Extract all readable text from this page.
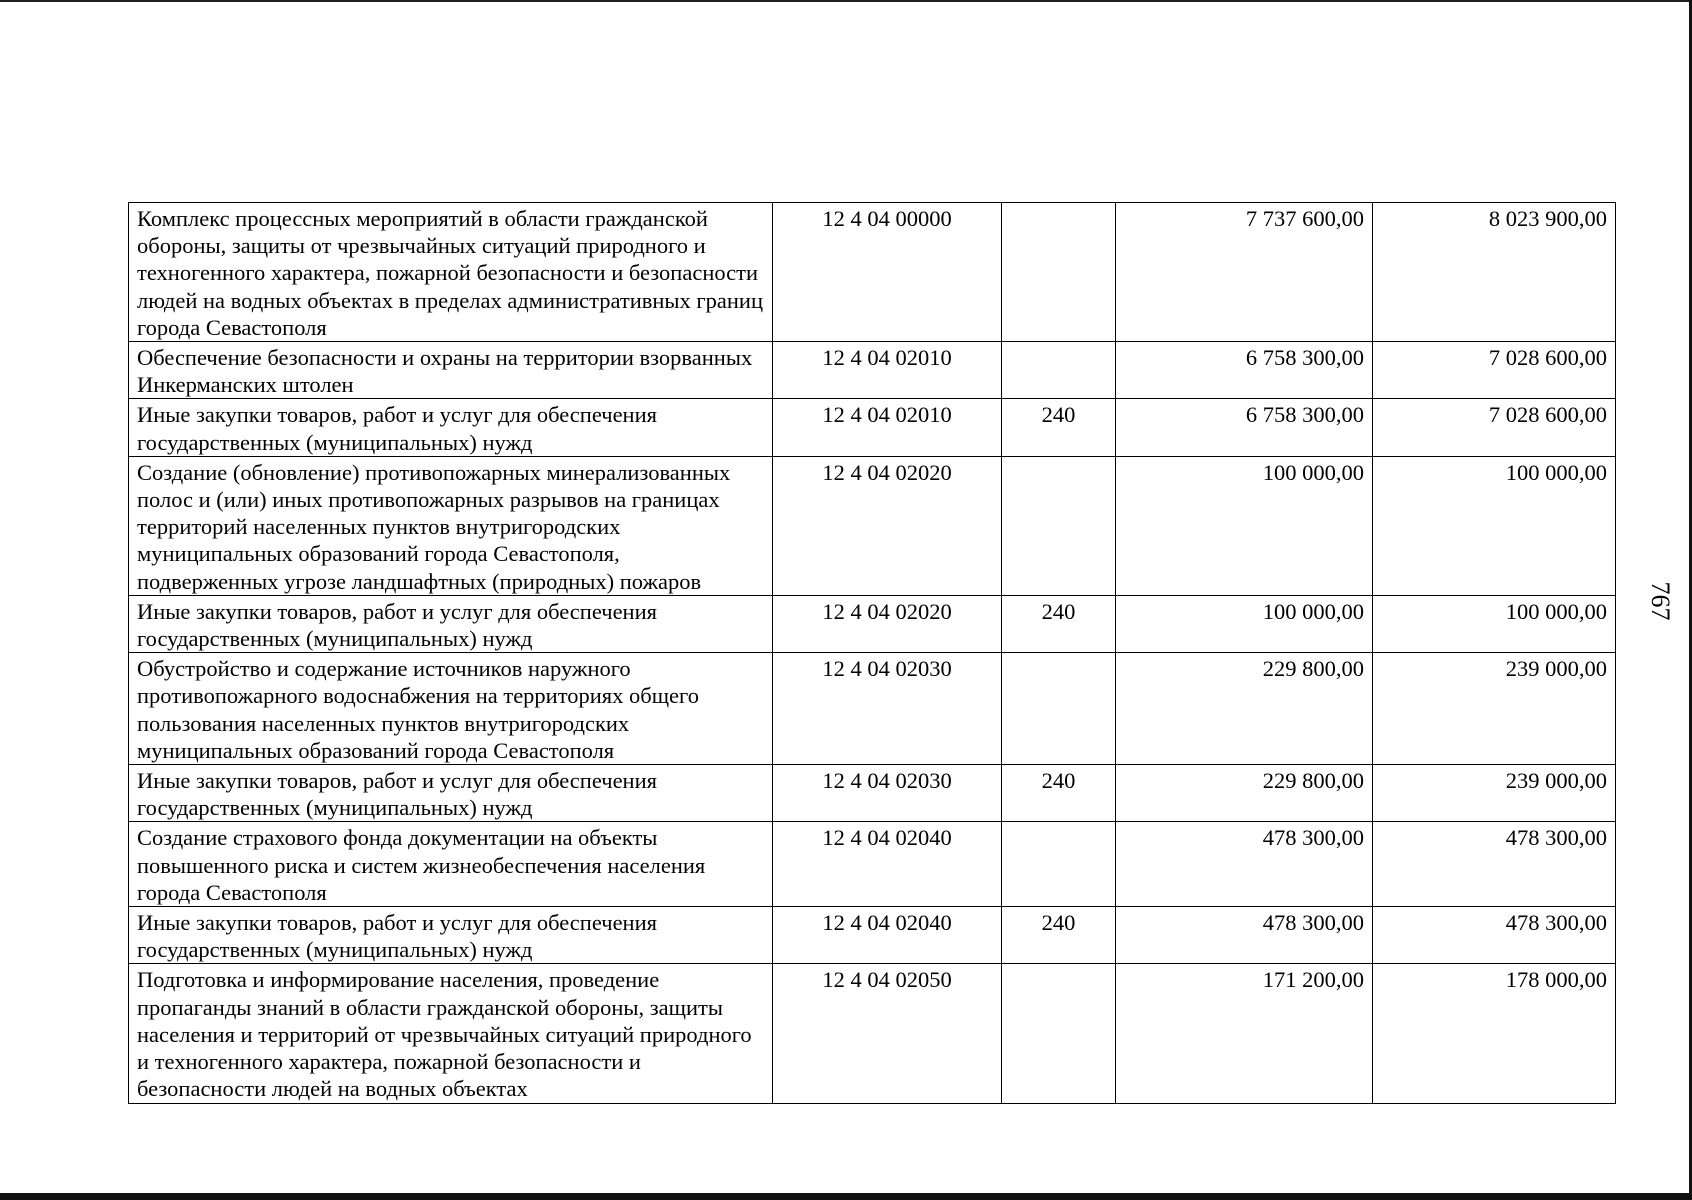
Комплекс процессных мероприятий в области гражданской обороны, защиты от чрезвычайных ситуаций природного и техногенного характера, пожарной безопасности и безопасности людей на водных объектах в пределах административных границ города Севастополя	12 4 04 00000		7 737 600,00	8 023 900,00
Обеспечение безопасности и охраны на территории взорванных Инкерманских штолен	12 4 04 02010		6 758 300,00	7 028 600,00
Иные закупки товаров, работ и услуг для обеспечения государственных (муниципальных) нужд	12 4 04 02010	240	6 758 300,00	7 028 600,00
Создание (обновление) противопожарных минерализованных полос и (или) иных противопожарных разрывов на границах территорий населенных пунктов внутригородских муниципальных образований города Севастополя, подверженных угрозе ландшафтных (природных) пожаров	12 4 04 02020		100 000,00	100 000,00
Иные закупки товаров, работ и услуг для обеспечения государственных (муниципальных) нужд	12 4 04 02020	240	100 000,00	100 000,00
Обустройство и содержание источников наружного противопожарного водоснабжения на территориях общего пользования населенных пунктов внутригородских муниципальных образований города Севастополя	12 4 04 02030		229 800,00	239 000,00
Иные закупки товаров, работ и услуг для обеспечения государственных (муниципальных) нужд	12 4 04 02030	240	229 800,00	239 000,00
Создание страхового фонда документации на объекты повышенного риска и систем жизнеобеспечения населения города Севастополя	12 4 04 02040		478 300,00	478 300,00
Иные закупки товаров, работ и услуг для обеспечения государственных (муниципальных) нужд	12 4 04 02040	240	478 300,00	478 300,00
Подготовка и информирование населения, проведение пропаганды знаний в области гражданской обороны, защиты населения и территорий от чрезвычайных ситуаций природного и техногенного характера, пожарной безопасности и безопасности людей на водных объектах	12 4 04 02050		171 200,00	178 000,00
767
